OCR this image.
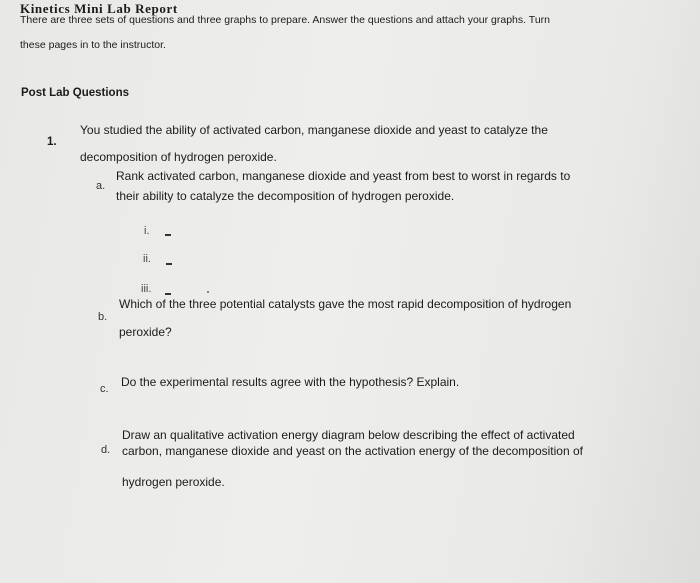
Kinetics Mini Lab Report
There are three sets of questions and three graphs to prepare. Answer the questions and attach your graphs. Turn
these pages in to the instructor.
Post Lab Questions
1.
You studied the ability of activated carbon, manganese dioxide and yeast to catalyze the
decomposition of hydrogen peroxide.
a.
Rank activated carbon, manganese dioxide and yeast from best to worst in regards to
their ability to catalyze the decomposition of hydrogen peroxide.
i.
ii.
iii.
b.
Which of the three potential catalysts gave the most rapid decomposition of hydrogen
peroxide?
c. Do the experimental results agree with the hypothesis? Explain.
d.
Draw an qualitative activation energy diagram below describing the effect of activated
carbon, manganese dioxide and yeast on the activation energy of the decomposition of
hydrogen peroxide.
